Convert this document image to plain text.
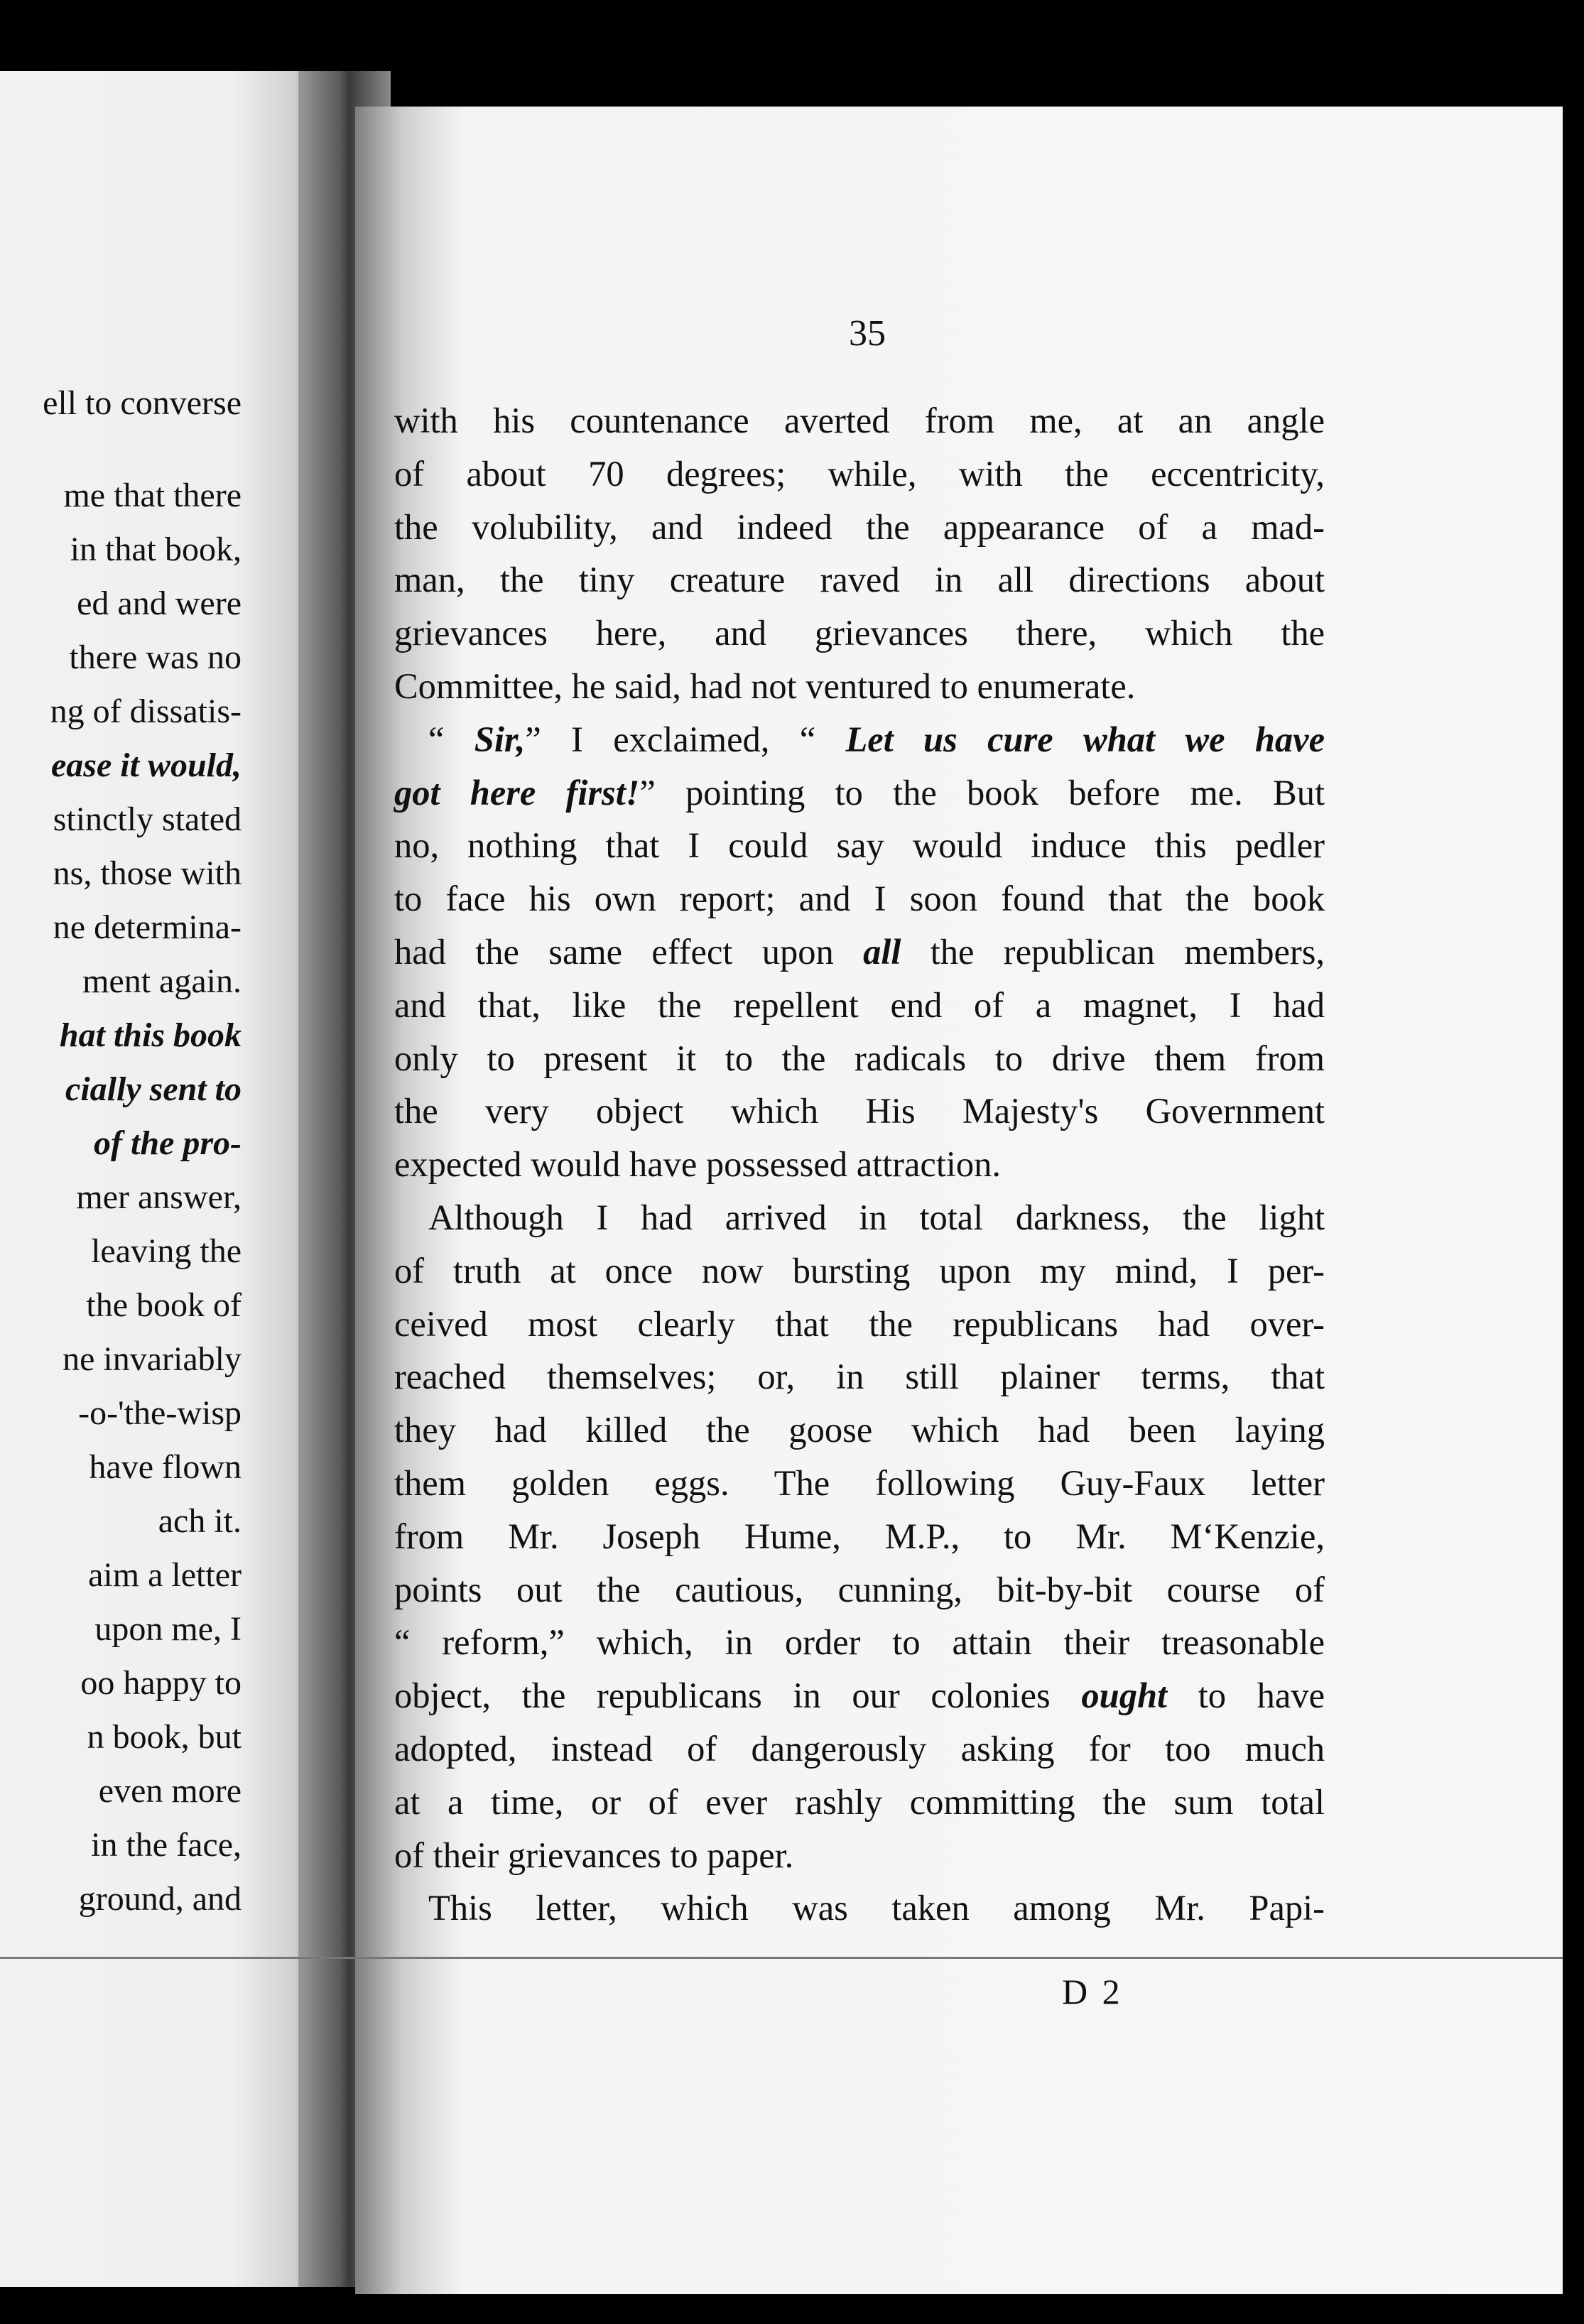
ell to converse
me that there
in that book,
ed and were
there was no
ng of dissatis-
ease it would,
stinctly stated
ns, those with
ne determina-
ment again.
hat this book
cially sent to
of the pro-
mer answer,
leaving the
the book of
ne invariably
-o-'the-wisp
have flown
ach it.
aim a letter
upon me, I
oo happy to
n book, but
even more
in the face,
ground, and
35
with his countenance averted from me, at an angle
of about 70 degrees; while, with the eccentricity,
the volubility, and indeed the appearance of a mad-
man, the tiny creature raved in all directions about
grievances here, and grievances there, which the
Committee, he said, had not ventured to enumerate.
“ Sir,” I exclaimed, “ Let us cure what we have
got here first!” pointing to the book before me. But
no, nothing that I could say would induce this pedler
to face his own report; and I soon found that the book
had the same effect upon all the republican members,
and that, like the repellent end of a magnet, I had
only to present it to the radicals to drive them from
the very object which His Majesty's Government
expected would have possessed attraction.
Although I had arrived in total darkness, the light
of truth at once now bursting upon my mind, I per-
ceived most clearly that the republicans had over-
reached themselves; or, in still plainer terms, that
they had killed the goose which had been laying
them golden eggs. The following Guy-Faux letter
from Mr. Joseph Hume, M.P., to Mr. M‘Kenzie,
points out the cautious, cunning, bit-by-bit course of
“ reform,” which, in order to attain their treasonable
object, the republicans in our colonies ought to have
adopted, instead of dangerously asking for too much
at a time, or of ever rashly committing the sum total
of their grievances to paper.
This letter, which was taken among Mr. Papi-
D 2
